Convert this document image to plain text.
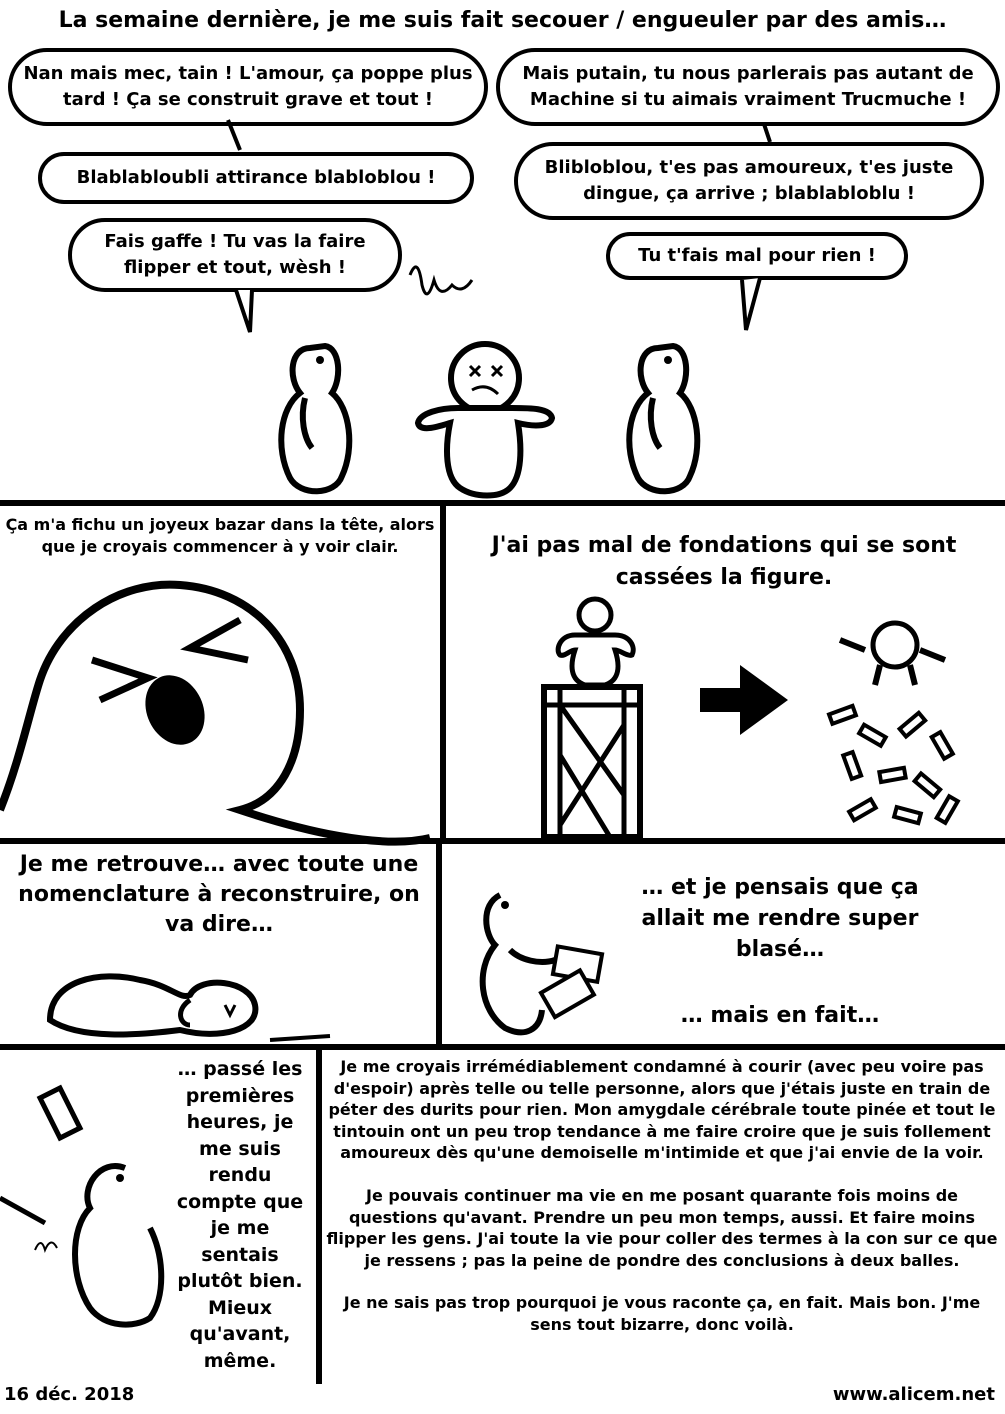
La semaine dernière, je me suis fait secouer / engueuler par des amis…
Nan mais mec, tain ! L'amour, ça poppe plus tard ! Ça se construit grave et tout !
Blablabloubli attirance blabloblou !
Fais gaffe ! Tu vas la faire flipper et tout, wèsh !
Mais putain, tu nous parlerais pas autant de Machine si tu aimais vraiment Trucmuche !
Blibloblou, t'es pas amoureux, t'es juste dingue, ça arrive ; blablabloblu !
Tu t'fais mal pour rien !
Ça m'a fichu un joyeux bazar dans la tête, alors que je croyais commencer à y voir clair.	J'ai pas mal de fondations qui se sont cassées la figure.
Je me retrouve… avec toute une nomenclature à reconstruire, on va dire…
… et je pensais que ça allait me rendre super blasé…
… mais en fait…
… passé les premières heures, je me suis rendu compte que je me sentais plutôt bien. Mieux qu'avant, même.

Je me croyais irrémédiablement condamné à courir (avec peu voire pas d'espoir) après telle ou telle personne, alors que j'étais juste en train de péter des durits pour rien. Mon amygdale cérébrale toute pinée et tout le tintouin ont un peu trop tendance à me faire croire que je suis follement amoureux dès qu'une demoiselle m'intimide et que j'ai envie de la voir.

Je pouvais continuer ma vie en me posant quarante fois moins de questions qu'avant. Prendre un peu mon temps, aussi. Et faire moins flipper les gens. J'ai toute la vie pour coller des termes à la con sur ce que je ressens ; pas la peine de pondre des conclusions à deux balles.

Je ne sais pas trop pourquoi je vous raconte ça, en fait. Mais bon. J'me sens tout bizarre, donc voilà.

16 déc. 2018	www.alicem.net
